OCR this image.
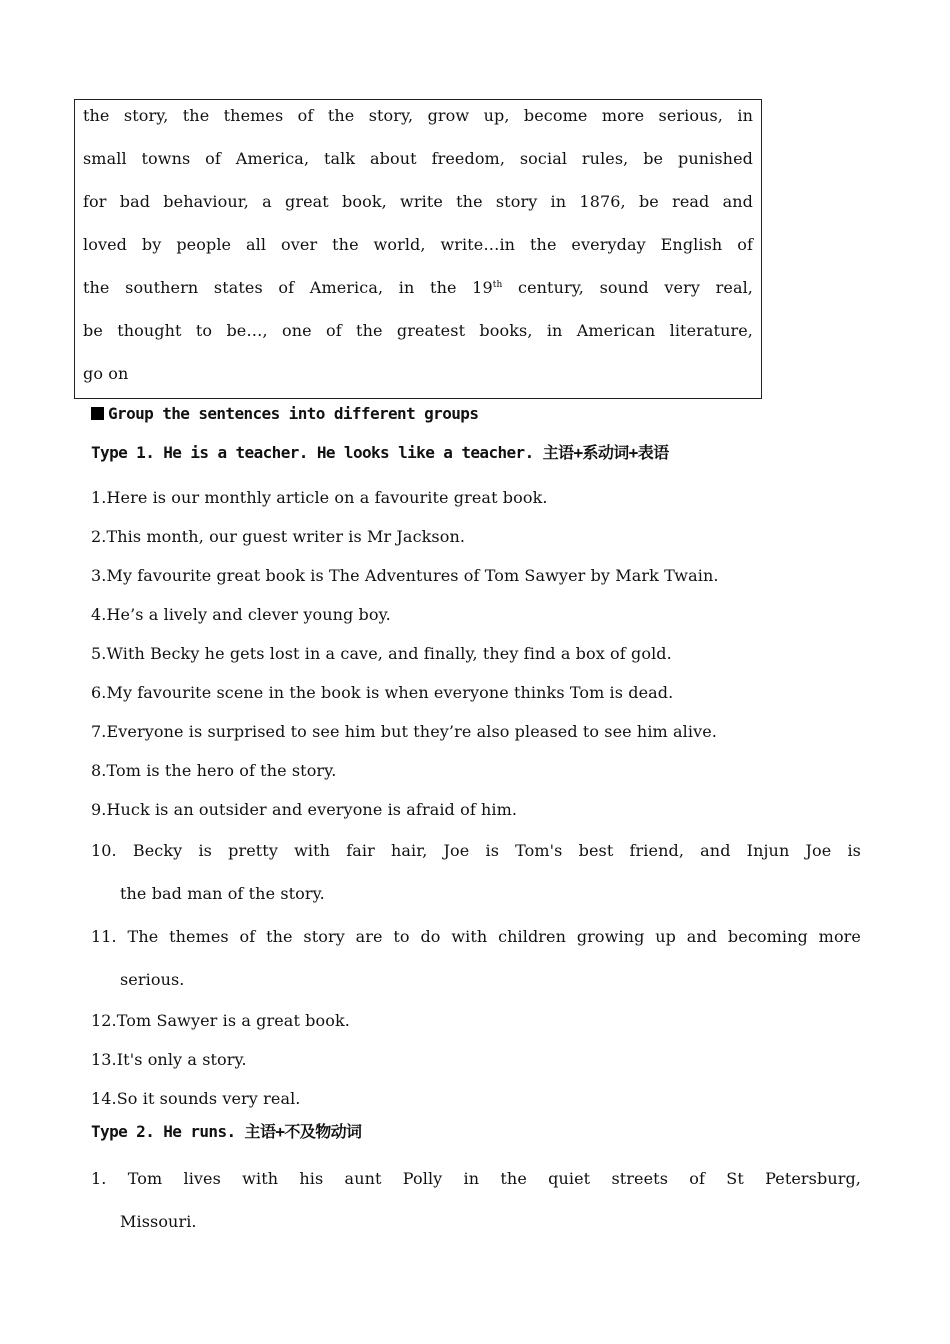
the story, the themes of the story, grow up, become more serious, in
small towns of America, talk about freedom, social rules, be punished
for bad behaviour, a great book, write the story in 1876, be read and
loved by people all over the world, write…in the everyday English of
the southern states of America, in the 19th century, sound very real,
be thought to be…, one of the greatest books, in American literature,
go on
Group the sentences into different groups
Type 1. He is a teacher. He looks like a teacher. 主语+系动词+表语
1. Here is our monthly article on a favourite great book.
2. This month, our guest writer is Mr Jackson.
3. My favourite great book is The Adventures of Tom Sawyer by Mark Twain.
4. He’s a lively and clever young boy.
5. With Becky he gets lost in a cave, and finally, they find a box of gold.
6. My favourite scene in the book is when everyone thinks Tom is dead.
7. Everyone is surprised to see him but they’re also pleased to see him alive.
8. Tom is the hero of the story.
9. Huck is an outsider and everyone is afraid of him.
10. Becky is pretty with fair hair, Joe is Tom's best friend, and Injun Joe is
the bad man of the story.
11. The themes of the story are to do with children growing up and becoming more
serious.
12. Tom Sawyer is a great book.
13. It's only a story.
14. So it sounds very real.
Type 2. He runs. 主语+不及物动词
1. Tom lives with his aunt Polly in the quiet streets of St Petersburg,
Missouri.
